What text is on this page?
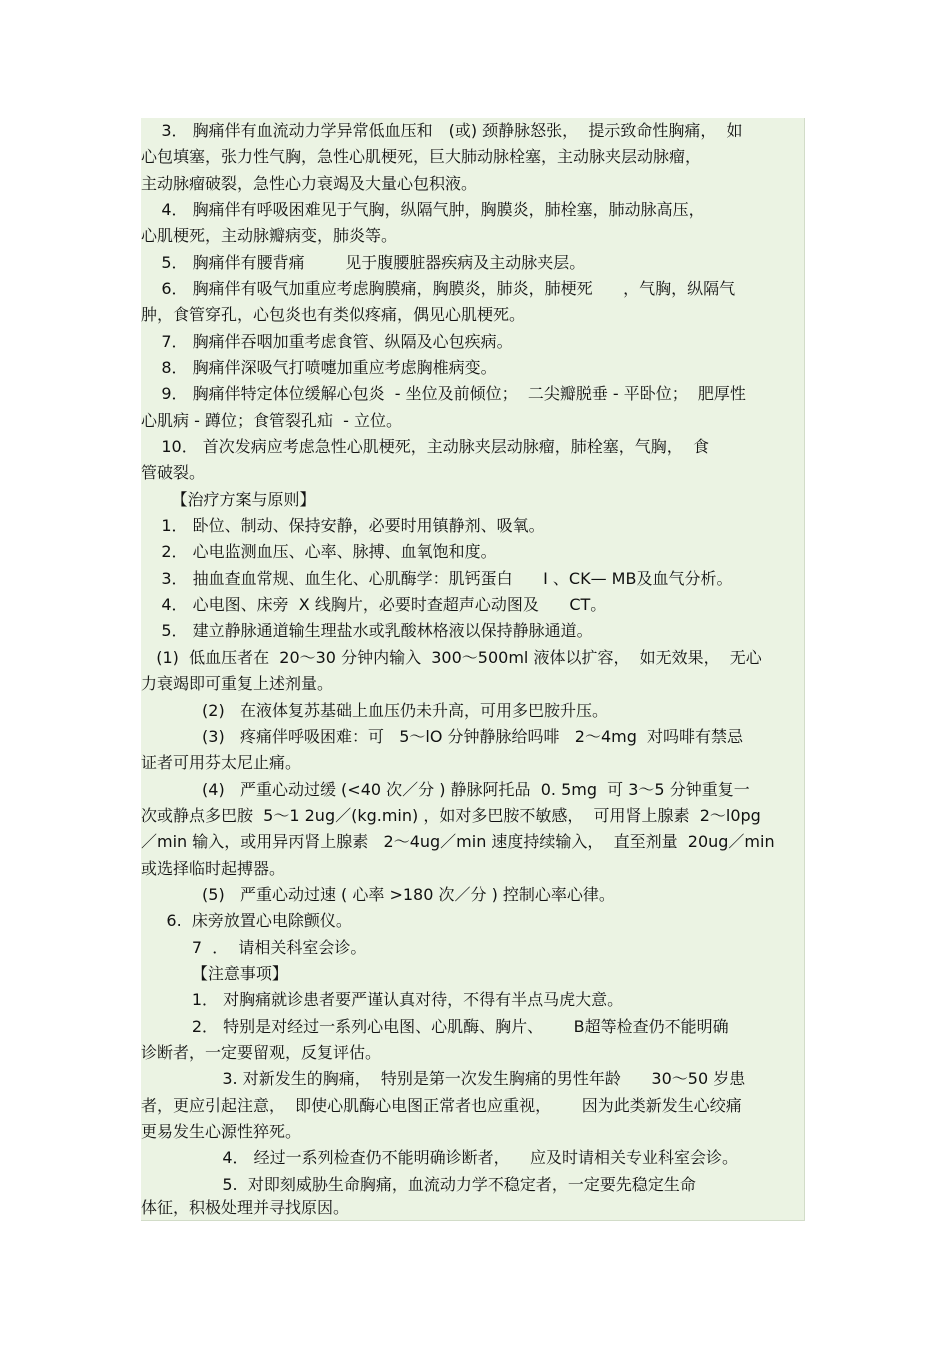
3． 胸痛伴有血流动力学异常低血压和　(或) 颈静脉怒张，  提示致命性胸痛，  如
心包填塞，张力性气胸，急性心肌梗死，巨大肺动脉栓塞，主动脉夹层动脉瘤，
主动脉瘤破裂，急性心力衰竭及大量心包积液。
4． 胸痛伴有呼吸困难见于气胸，纵隔气肿，胸膜炎，肺栓塞，肺动脉高压，
心肌梗死，主动脉瓣病变，肺炎等。
5． 胸痛伴有腰背痛        见于腹腰脏器疾病及主动脉夹层。
6． 胸痛伴有吸气加重应考虑胸膜痛，胸膜炎，肺炎，肺梗死      ，气胸，纵隔气
肿，食管穿孔，心包炎也有类似疼痛，偶见心肌梗死。
7． 胸痛伴吞咽加重考虑食管、纵隔及心包疾病。
8． 胸痛伴深吸气打喷嚏加重应考虑胸椎病变。
9． 胸痛伴特定体位缓解心包炎  - 坐位及前倾位；  二尖瓣脱垂 - 平卧位；  肥厚性
心肌病 - 蹲位；食管裂孔疝  - 立位。
10． 首次发病应考虑急性心肌梗死，主动脉夹层动脉瘤，肺栓塞，气胸，  食
管破裂。
【治疗方案与原则】
1． 卧位、制动、保持安静，必要时用镇静剂、吸氧。
2． 心电监测血压、心率、脉搏、血氧饱和度。
3． 抽血查血常规、血生化、心肌酶学：肌钙蛋白      I 、CK— MB及血气分析。
4． 心电图、床旁  X 线胸片，必要时查超声心动图及      CT。
5． 建立静脉通道输生理盐水或乳酸林格液以保持静脉通道。
(1)  低血压者在  20～30 分钟内输入  300～500ml 液体以扩容，  如无效果，  无心
力衰竭即可重复上述剂量。
(2)   在液体复苏基础上血压仍未升高，可用多巴胺升压。
(3)   疼痛伴呼吸困难：可   5～lO 分钟静脉给吗啡   2～4mg  对吗啡有禁忌
证者可用芬太尼止痛。
(4)   严重心动过缓 (<40 次／分 ) 静脉阿托品  0. 5mg  可 3～5 分钟重复一
次或静点多巴胺  5～1 2ug／(kg.min) ，如对多巴胺不敏感，  可用肾上腺素  2～l0pg
／min 输入，或用异丙肾上腺素   2～4ug／min 速度持续输入，  直至剂量  20ug／min
或选择临时起搏器。
(5)   严重心动过速 ( 心率 >180 次／分 ) 控制心率心律。
6.  床旁放置心电除颤仪。
7  ．  请相关科室会诊。
【注意事项】
1． 对胸痛就诊患者要严谨认真对待，不得有半点马虎大意。
2． 特别是对经过一系列心电图、心肌酶、胸片、      B超等检查仍不能明确
诊断者，一定要留观，反复评估。
3. 对新发生的胸痛，  特别是第一次发生胸痛的男性年龄      30～50 岁患
者，更应引起注意，  即使心肌酶心电图正常者也应重视，      因为此类新发生心绞痛
更易发生心源性猝死。
4． 经过一系列检查仍不能明确诊断者，    应及时请相关专业科室会诊。
5.  对即刻威胁生命胸痛，血流动力学不稳定者，一定要先稳定生命
体征，积极处理并寻找原因。
